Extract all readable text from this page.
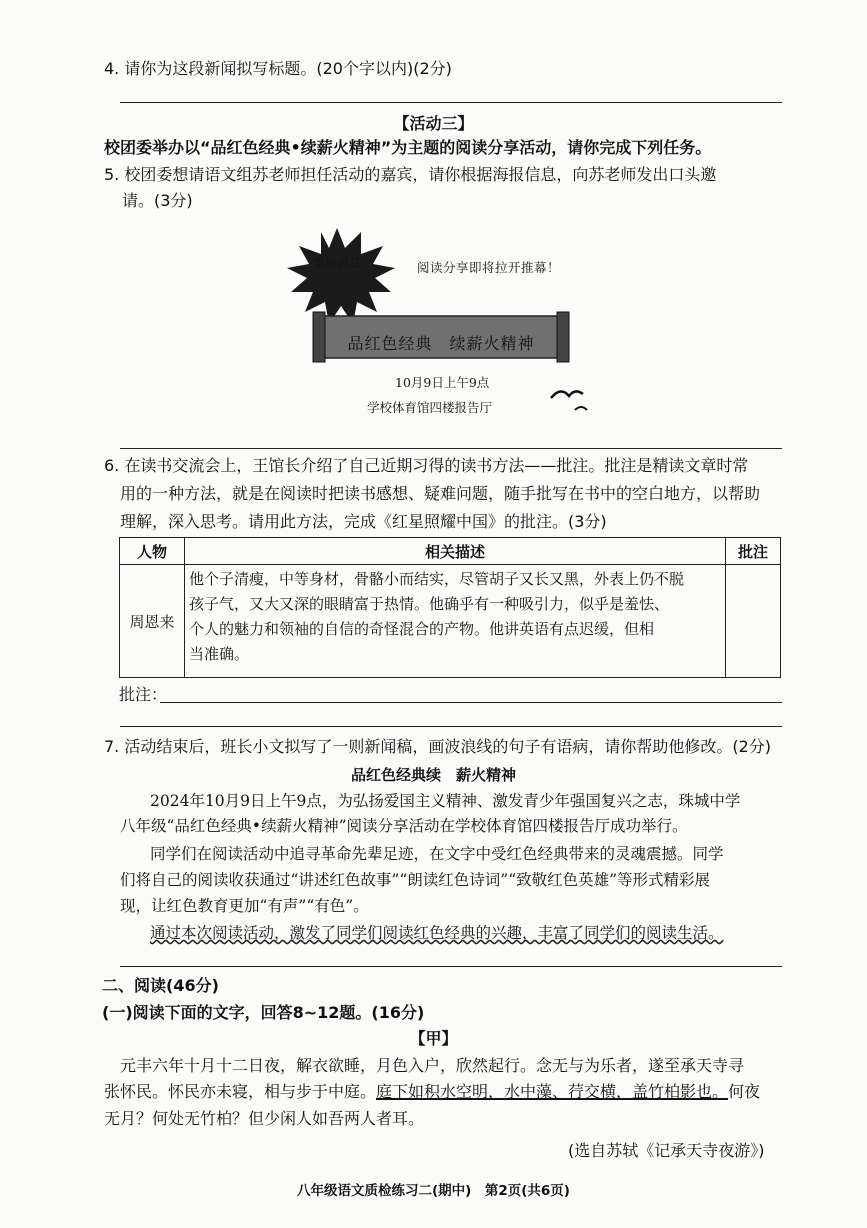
4. 请你为这段新闻拟写标题。(20个字以内)(2分)
【活动三】
校团委举办以“品红色经典•续薪火精神”为主题的阅读分享活动，请你完成下列任务。
5. 校团委想请语文组苏老师担任活动的嘉宾，请你根据海报信息，向苏老师发出口头邀
请。(3分)
重磅消息	阅读分享即将拉开推幕！
品红色经典　续薪火精神
10月9日上午9点
学校体育馆四楼报告厅
6. 在读书交流会上，王馆长介绍了自己近期习得的读书方法——批注。批注是精读文章时常
用的一种方法，就是在阅读时把读书感想、疑难问题，随手批写在书中的空白地方，以帮助
理解，深入思考。请用此方法，完成《红星照耀中国》的批注。(3分)
人物	相关描述	批注
周恩来	他个子清瘦，中等身材，骨骼小而结实，尽管胡子又长又黑，外表上仍不脱
孩子气，又大又深的眼睛富于热情。他确乎有一种吸引力，似乎是羞怯、
个人的魅力和领袖的自信的奇怪混合的产物。他讲英语有点迟缓，但相
当准确。	

批注：
7. 活动结束后，班长小文拟写了一则新闻稿，画波浪线的句子有语病，请你帮助他修改。(2分)
品红色经典续　薪火精神
2024年10月9日上午9点，为弘扬爱国主义精神、激发青少年强国复兴之志，珠城中学
八年级“品红色经典•续薪火精神”阅读分享活动在学校体育馆四楼报告厅成功举行。
同学们在阅读活动中追寻革命先辈足迹，在文字中受红色经典带来的灵魂震撼。同学
们将自己的阅读收获通过“讲述红色故事”“朗读红色诗词”“致敬红色英雄”等形式精彩展
现，让红色教育更加“有声”“有色”。
通过本次阅读活动，激发了同学们阅读红色经典的兴趣，丰富了同学们的阅读生活。
二、阅读(46分)
(一)阅读下面的文字，回答8~12题。(16分)
【甲】
元丰六年十月十二日夜，解衣欲睡，月色入户，欣然起行。念无与为乐者，遂至承天寺寻
张怀民。怀民亦未寝，相与步于中庭。庭下如积水空明，水中藻、荇交横，盖竹柏影也。何夜
无月？何处无竹柏？但少闲人如吾两人者耳。
(选自苏轼《记承天寺夜游》)
八年级语文质检练习二(期中)　第2页(共6页)
